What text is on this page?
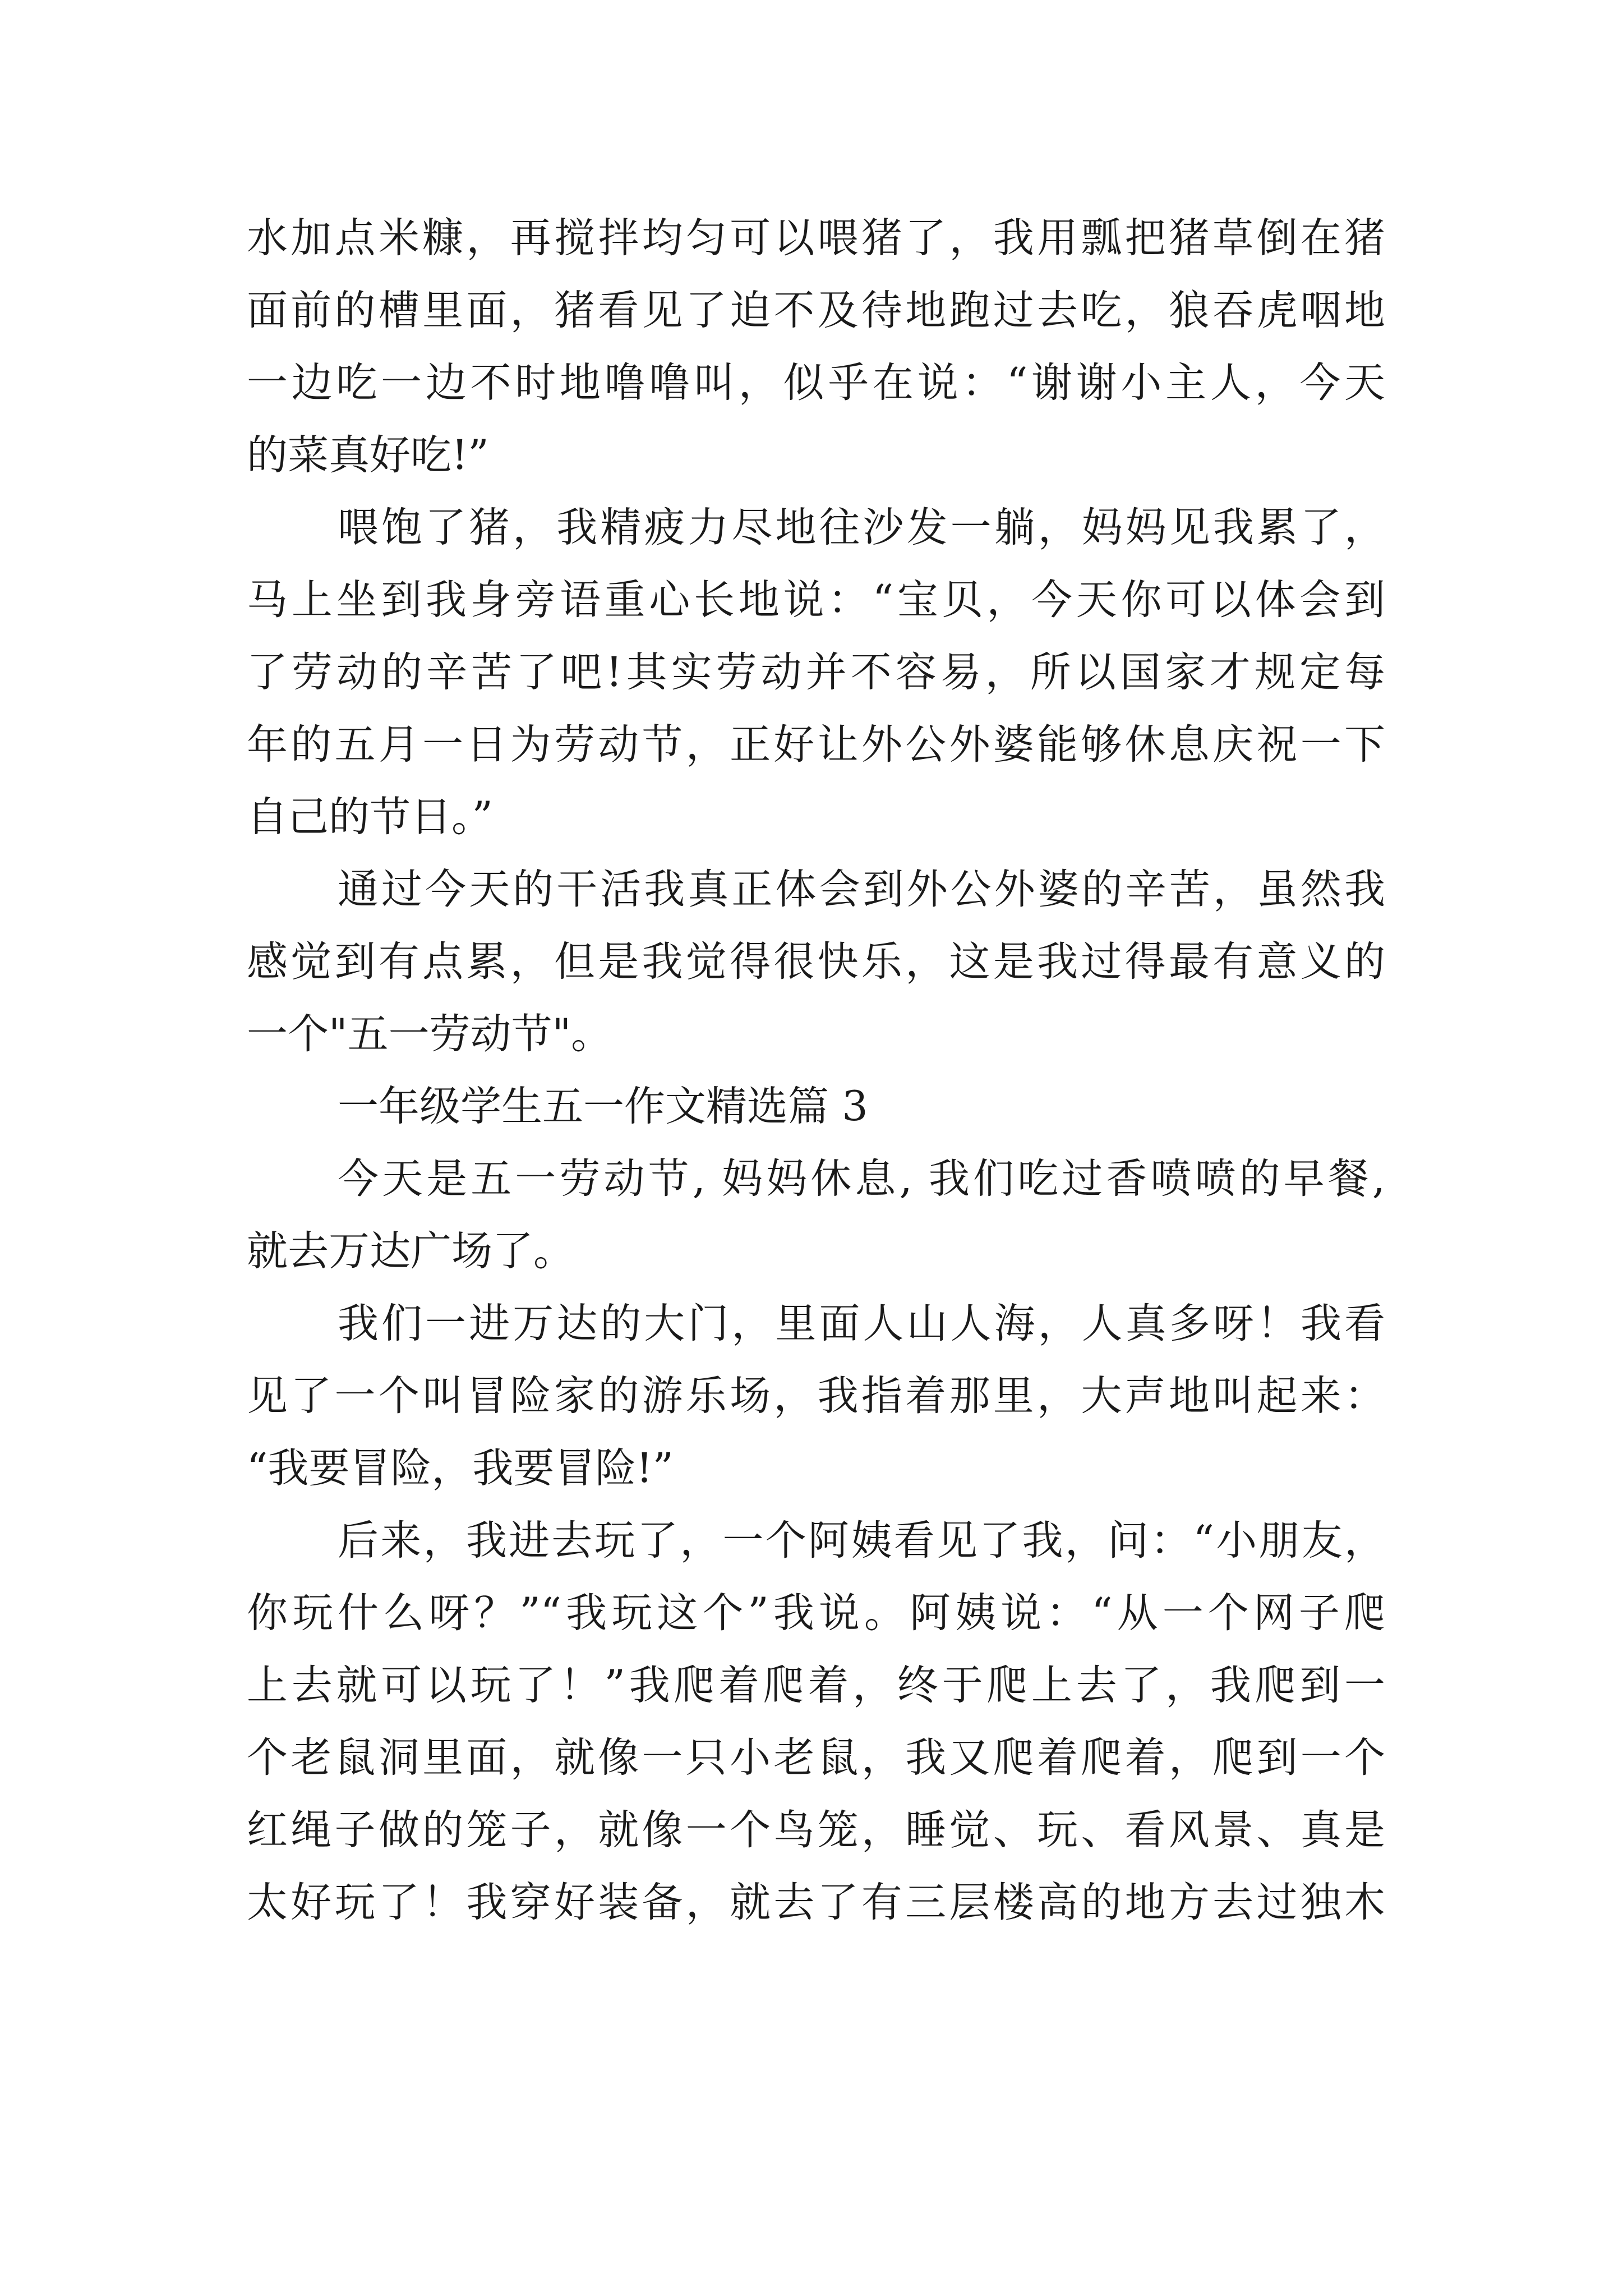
水加点米糠，再搅拌均匀可以喂猪了，我用瓢把猪草倒在猪
面前的槽里面，猪看见了迫不及待地跑过去吃，狼吞虎咽地
一边吃一边不时地噜噜叫，似乎在说：“谢谢小主人，今天
的菜真好吃!”
喂饱了猪，我精疲力尽地往沙发一躺，妈妈见我累了，
马上坐到我身旁语重心长地说：“宝贝，今天你可以体会到
了劳动的辛苦了吧!其实劳动并不容易，所以国家才规定每
年的五月一日为劳动节，正好让外公外婆能够休息庆祝一下
自己的节日。”
通过今天的干活我真正体会到外公外婆的辛苦，虽然我
感觉到有点累，但是我觉得很快乐，这是我过得最有意义的
一个"五一劳动节"。
一年级学生五一作文精选篇 3
今天是五一劳动节, 妈妈休息, 我们吃过香喷喷的早餐,
就去万达广场了。
我们一进万达的大门，里面人山人海，人真多呀！我看
见了一个叫冒险家的游乐场，我指着那里，大声地叫起来：
“我要冒险，我要冒险!”
后来，我进去玩了，一个阿姨看见了我，问：“小朋友，
你玩什么呀？”“我玩这个”我说。阿姨说：“从一个网子爬
上去就可以玩了！”我爬着爬着，终于爬上去了，我爬到一
个老鼠洞里面，就像一只小老鼠，我又爬着爬着，爬到一个
红绳子做的笼子，就像一个鸟笼，睡觉、玩、看风景、真是
太好玩了！我穿好装备，就去了有三层楼高的地方去过独木
